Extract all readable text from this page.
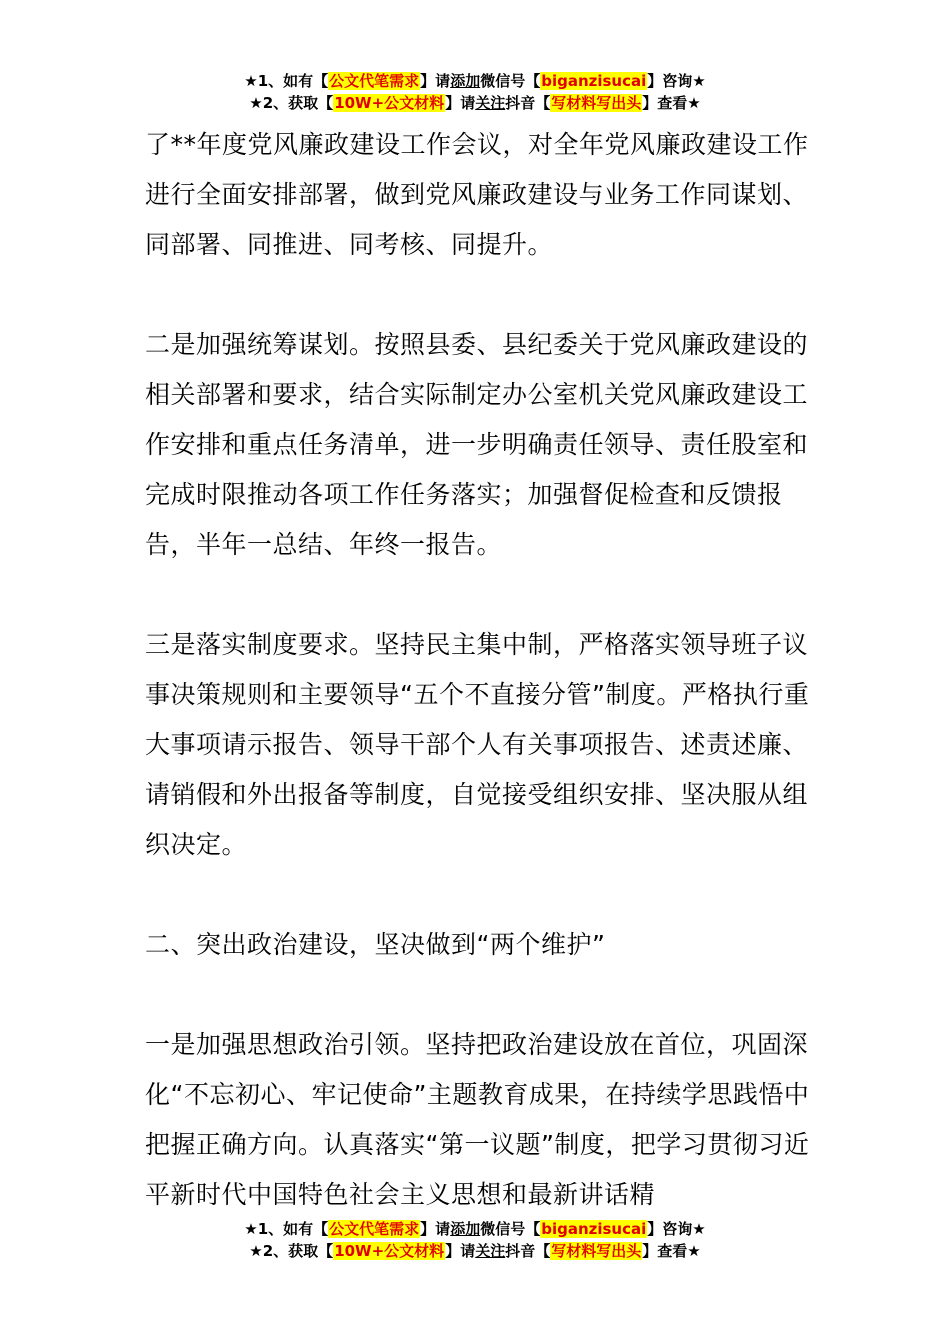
★1、如有【公文代笔需求】请添加微信号【biganzisucai】咨询★
★2、获取【10W+公文材料】请关注抖音【写材料写出头】查看★

了**年度党风廉政建设工作会议，对全年党风廉政建设工作进行全面安排部署，做到党风廉政建设与业务工作同谋划、同部署、同推进、同考核、同提升。

二是加强统筹谋划。按照县委、县纪委关于党风廉政建设的相关部署和要求，结合实际制定办公室机关党风廉政建设工作安排和重点任务清单，进一步明确责任领导、责任股室和完成时限推动各项工作任务落实；加强督促检查和反馈报告，半年一总结、年终一报告。

三是落实制度要求。坚持民主集中制，严格落实领导班子议事决策规则和主要领导“五个不直接分管”制度。严格执行重大事项请示报告、领导干部个人有关事项报告、述责述廉、请销假和外出报备等制度，自觉接受组织安排、坚决服从组织决定。

二、突出政治建设，坚决做到“两个维护”

一是加强思想政治引领。坚持把政治建设放在首位，巩固深化“不忘初心、牢记使命”主题教育成果，在持续学思践悟中把握正确方向。认真落实“第一议题”制度，把学习贯彻习近平新时代中国特色社会主义思想和最新讲话精

★1、如有【公文代笔需求】请添加微信号【biganzisucai】咨询★
★2、获取【10W+公文材料】请关注抖音【写材料写出头】查看★
